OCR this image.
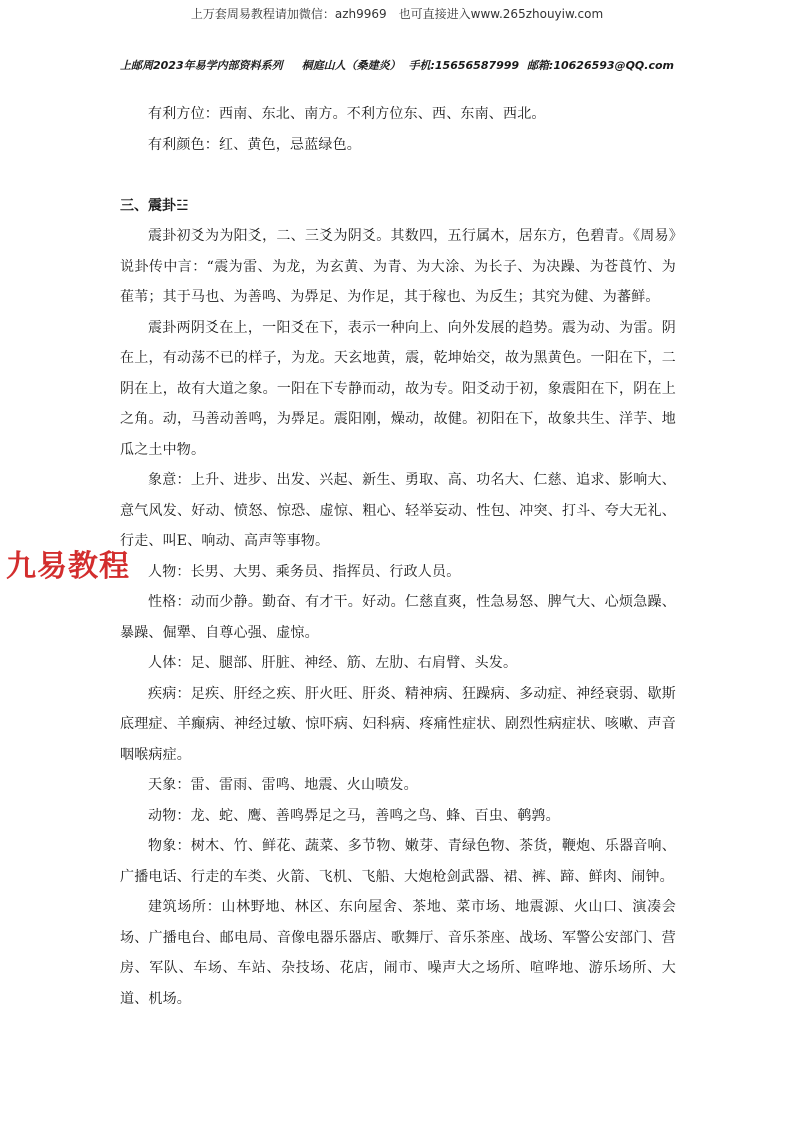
上万套周易教程请加微信：azh9969　也可直接进入www.265zhouyiw.com
上邮周2023年易学内部资料系列 桐庭山人（桑建炎） 手机:15656587999 邮箱:10626593@QQ.com

有利方位：西南、东北、南方。不利方位东、西、东南、西北。

有利颜色：红、黄色，忌蓝绿色。

三、震卦☳

震卦初爻为为阳爻，二、三爻为阴爻。其数四，五行属木，居东方，色碧青。《周易》说卦传中言：“震为雷、为龙，为玄黄、为青、为大涂、为长子、为决躁、为苍莨竹、为萑苇；其于马也、为善鸣、为馵足、为作足，其于稼也、为反生；其究为健、为蕃鲜。

震卦两阴爻在上，一阳爻在下，表示一种向上、向外发展的趋势。震为动、为雷。阴在上，有动荡不已的样子，为龙。天玄地黄，震，乾坤始交，故为黑黄色。一阳在下，二阴在上，故有大道之象。一阳在下专静而动，故为专。阳爻动于初，象震阳在下，阴在上之角。动，马善动善鸣，为馵足。震阳刚，燥动，故健。初阳在下，故象共生、洋芋、地瓜之土中物。

象意：上升、进步、出发、兴起、新生、勇取、高、功名大、仁慈、追求、影响大、意气风发、好动、愤怒、惊恐、虚惊、粗心、轻举妄动、性包、冲突、打斗、夸大无礼、行走、叫E、响动、高声等事物。

人物：长男、大男、乘务员、指挥员、行政人员。

性格：动而少静。勤奋、有才干。好动。仁慈直爽，性急易怒、脾气大、心烦急躁、暴躁、倔犟、自尊心强、虚惊。

人体：足、腿部、肝脏、神经、筋、左肋、右肩臂、头发。

疾病：足疾、肝经之疾、肝火旺、肝炎、精神病、狂躁病、多动症、神经衰弱、歇斯底理症、羊癫病、神经过敏、惊吓病、妇科病、疼痛性症状、剧烈性病症状、咳嗽、声音咽喉病症。

天象：雷、雷雨、雷鸣、地震、火山喷发。

动物：龙、蛇、鹰、善鸣馵足之马，善鸣之鸟、蜂、百虫、鹌鹑。

物象：树木、竹、鲜花、蔬菜、多节物、嫩芽、青绿色物、茶货，鞭炮、乐器音响、广播电话、行走的车类、火箭、飞机、飞船、大炮枪剑武器、裙、裤、蹄、鲜肉、闹钟。

建筑场所：山林野地、林区、东向屋舍、茶地、菜市场、地震源、火山口、演凑会场、广播电台、邮电局、音像电器乐器店、歌舞厅、音乐茶座、战场、军警公安部门、营房、军队、车场、车站、杂技场、花店，闹市、噪声大之场所、喧哗地、游乐场所、大道、机场。

九易教程
